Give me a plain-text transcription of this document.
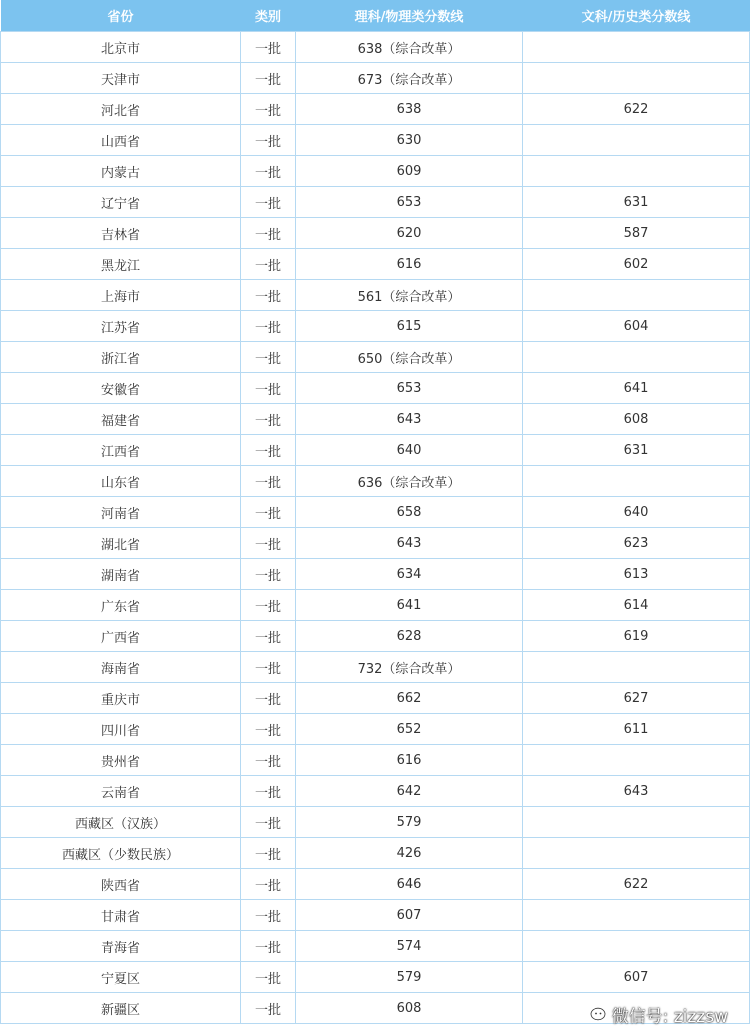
省份	类别	理科/物理类分数线	文科/历史类分数线
北京市	一批	638（综合改革）	
天津市	一批	673（综合改革）	
河北省	一批	638	622
山西省	一批	630	
内蒙古	一批	609	
辽宁省	一批	653	631
吉林省	一批	620	587
黑龙江	一批	616	602
上海市	一批	561（综合改革）	
江苏省	一批	615	604
浙江省	一批	650（综合改革）	
安徽省	一批	653	641
福建省	一批	643	608
江西省	一批	640	631
山东省	一批	636（综合改革）	
河南省	一批	658	640
湖北省	一批	643	623
湖南省	一批	634	613
广东省	一批	641	614
广西省	一批	628	619
海南省	一批	732（综合改革）	
重庆市	一批	662	627
四川省	一批	652	611
贵州省	一批	616	
云南省	一批	642	643
西藏区（汉族）	一批	579	
西藏区（少数民族）	一批	426	
陕西省	一批	646	622
甘肃省	一批	607	
青海省	一批	574	
宁夏区	一批	579	607
新疆区	一批	608		微信号: zizzsw
